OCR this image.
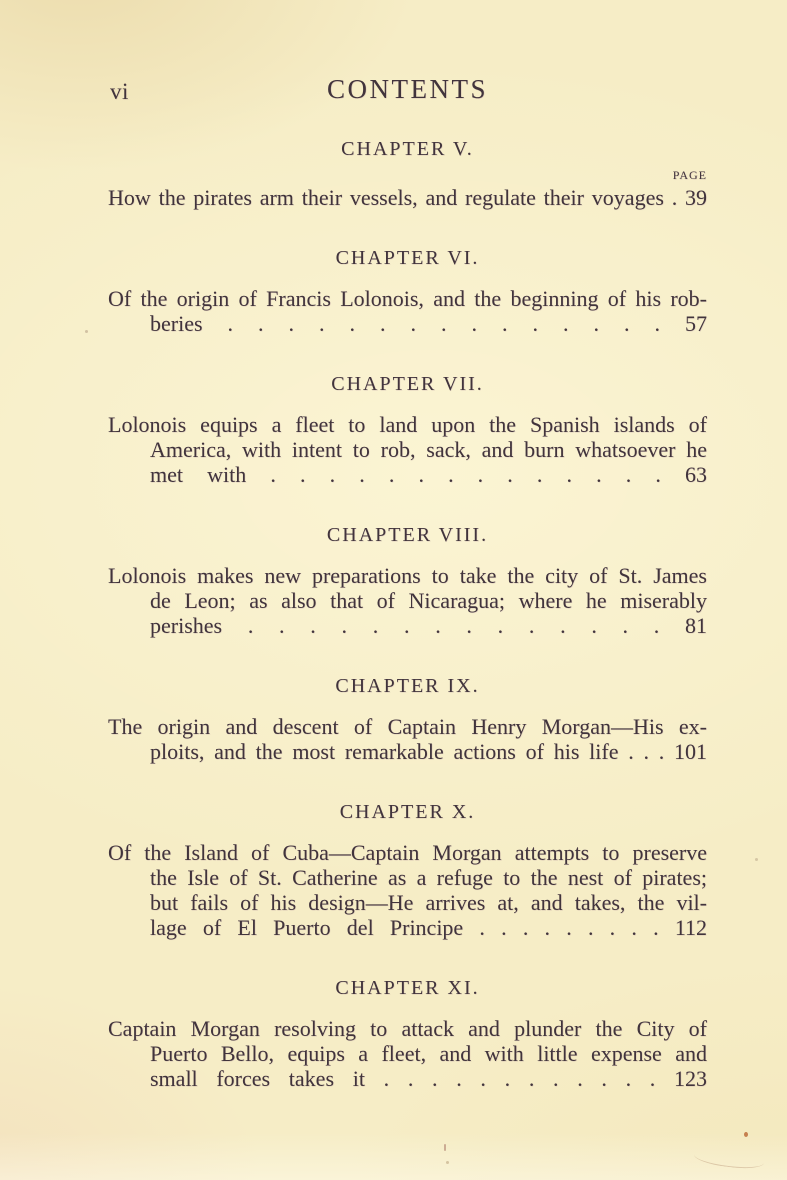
vi	CONTENTS
CHAPTER V.
PAGE
How the pirates arm their vessels, and regulate their voyages . 39
CHAPTER VI.
Of the origin of Francis Lolonois, and the beginning of his rob-
beries . . . . . . . . . . . . . . . 57
CHAPTER VII.
Lolonois equips a fleet to land upon the Spanish islands of
America, with intent to rob, sack, and burn whatsoever he
met with . . . . . . . . . . . . . . 63
CHAPTER VIII.
Lolonois makes new preparations to take the city of St. James
de Leon; as also that of Nicaragua; where he miserably
perishes . . . . . . . . . . . . . . 81
CHAPTER IX.
The origin and descent of Captain Henry Morgan—His ex-
ploits, and the most remarkable actions of his life . . . 101
CHAPTER X.
Of the Island of Cuba—Captain Morgan attempts to preserve
the Isle of St. Catherine as a refuge to the nest of pirates;
but fails of his design—He arrives at, and takes, the vil-
lage of El Puerto del Principe . . . . . . . . . 112
CHAPTER XI.
Captain Morgan resolving to attack and plunder the City of
Puerto Bello, equips a fleet, and with little expense and
small forces takes it . . . . . . . . . . . . 123
